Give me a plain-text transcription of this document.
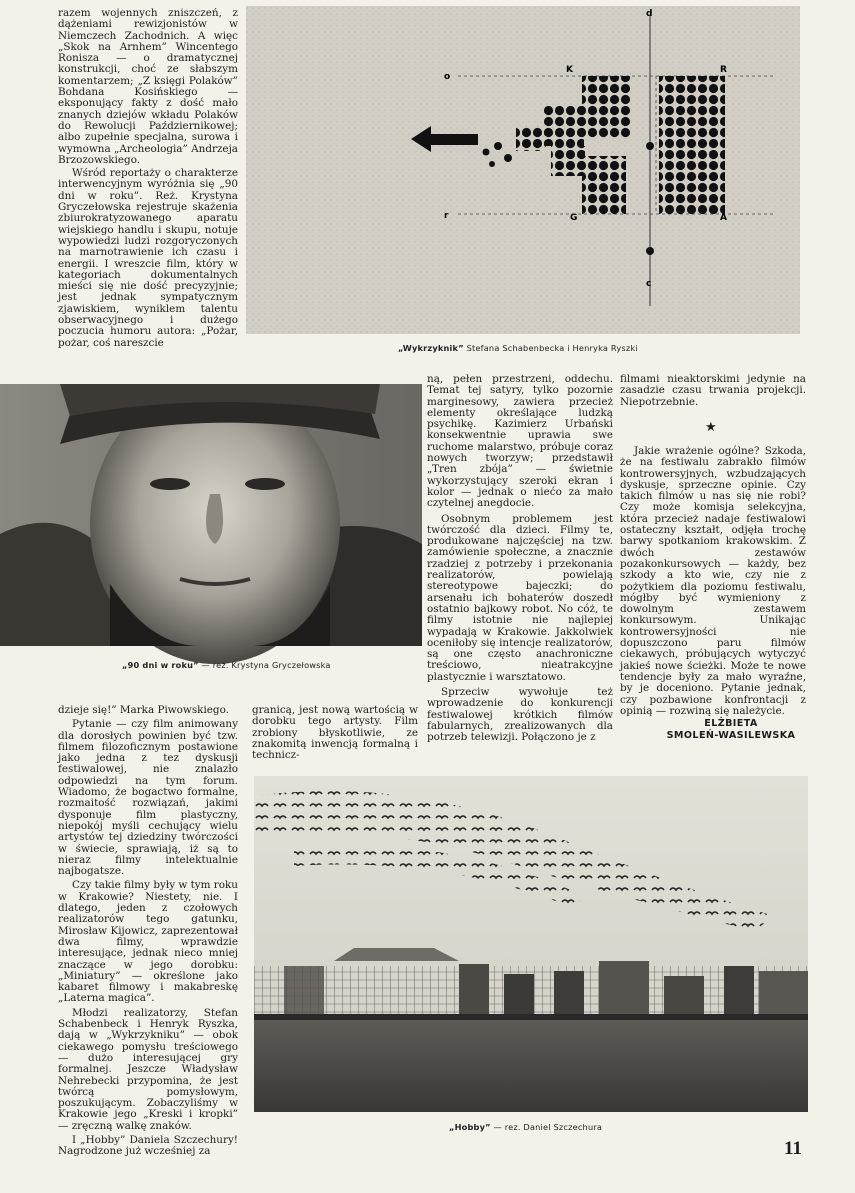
razem wojennych zniszczeń, z dążeniami rewizjonistów w Niemczech Zachodnich. A więc „Skok na Arnhem” Wincentego Ronisza — o dramatycznej konstrukcji, choć ze słabszym komentarzem; „Z księgi Polaków” Bohdana Kosińskiego — eksponujący fakty z dość mało znanych dziejów wkładu Polaków do Rewolucji Październikowej; albo zupełnie specjalna, surowa i wymowna „Archeologia” Andrzeja Brzozowskiego.

Wśród reportaży o charakterze interwencyjnym wyróżnia się „90 dni w roku”. Reż. Krystyna Gryczełowska rejestruje skażenia zbiurokratyzowanego aparatu wiejskiego handlu i skupu, notuje wypowiedzi ludzi rozgoryczonych na marnotrawienie ich czasu i energii. I wreszcie film, który w kategoriach dokumentalnych mieści się nie dość precyzyjnie; jest jednak sympatycznym zjawiskiem, wyniklem talentu obserwacyjnego i dużego poczucia humoru autora: „Pożar, pożar, coś nareszcie

d
o
K	R
r	G	A
c
„Wykrzyknik” Stefana Schabenbecka i Henryka Ryszki
„90 dni w roku” — rez. Krystyna Gryczełowska

ną, pełen przestrzeni, oddechu. Temat tej satyry, tylko pozornie marginesowy, zawiera przecież elementy określające ludzką psychikę. Kazimierz Urbański konsekwentnie uprawia swe ruchome malarstwo, próbuje coraz nowych tworzyw; przedstawił „Tren zbója” — świetnie wykorzystujący szeroki ekran i kolor — jednak o niećo za mało czytelnej anegdocie.

Osobnym problemem jest twórczość dla dzieci. Filmy te, produkowane najczęściej na tzw. zamówienie społeczne, a znacznie rzadziej z potrzeby i przekonania realizatorów, powielają stereotypowe bajeczki; do arsenału ich bohaterów doszedł ostatnio bajkowy robot. No cóż, te filmy istotnie nie najlepiej wypadają w Krakowie. Jakkolwiek oceniłoby się intencje realizatorów, są one często anachroniczne treściowo, nieatrakcyjne plastycznie i warsztatowo.

Sprzeciw wywołuje też wprowadzenie do konkurencji festiwalowej krótkich filmów fabularnych, zrealizowanych dla potrzeb telewizji. Połączono je z

filmami nieaktorskimi jedynie na zasadzie czasu trwania projekcji. Niepotrzebnie.

★

Jakie wrażenie ogólne? Szkoda, że na festiwalu zabrakło filmów kontrowersyjnych, wzbudzających dyskusje, sprzeczne opinie. Czy takich filmów u nas się nie robi? Czy może komisja selekcyjna, która przecież nadaje festiwalowi ostateczny kształt, odjęła trochę barwy spotkaniom krakowskim. Z dwóch zestawów pozakonkursowych — każdy, bez szkody a kto wie, czy nie z pożytkiem dla poziomu festiwalu, mógłby być wymieniony z dowolnym zestawem konkursowym. Unikając kontrowersyjności nie dopuszczono paru filmów ciekawych, próbujących wytyczyć jakieś nowe ścieżki. Może te nowe tendencje były za mało wyraźne, by je doceniono. Pytanie jednak, czy pozbawione konfrontacji z opinią — rozwiną się należycie.

ELŻBIETA
SMOLEŃ-WASILEWSKA

dzieje się!” Marka Piwowskiego.

Pytanie — czy film animowany dla dorosłych powinien być tzw. filmem filozoficznym postawione jako jedna z tez dyskusji festiwalowej, nie znalazło odpowiedzi na tym forum. Wiadomo, że bogactwo formalne, rozmaitość rozwiązań, jakimi dysponuje film plastyczny, niepokój myśli cechujący wielu artystów tej dziedziny twórczości w świecie, sprawiają, iż są to nieraz filmy intelektualnie najbogatsze.

Czy takie filmy były w tym roku w Krakowie? Niestety, nie. I dlatego, jeden z czołowych realizatorów tego gatunku, Mirosław Kijowicz, zaprezentował dwa filmy, wprawdzie interesujące, jednak nieco mniej znaczące w jego dorobku: „Miniatury” — określone jako kabaret filmowy i makabreskę „Laterna magica”.

Młodzi realizatorzy, Stefan Schabenbeck i Henryk Ryszka, dają w „Wykrzykniku” — obok ciekawego pomysłu treściowego — dużo interesującej gry formalnej. Jeszcze Władysław Nehrebecki przypomina, że jest twórcą pomysłowym, poszukującym. Zobaczyliśmy w Krakowie jego „Kreski i kropki” — zręczną walkę znaków.

I „Hobby” Daniela Szczechury! Nagrodzone już wcześniej za

granicą, jest nową wartością w dorobku tego artysty. Film zrobiony błyskotliwie, ze znakomitą inwencją formalną i technicz-

„Hobby” — rez. Daniel Szczechura
11
